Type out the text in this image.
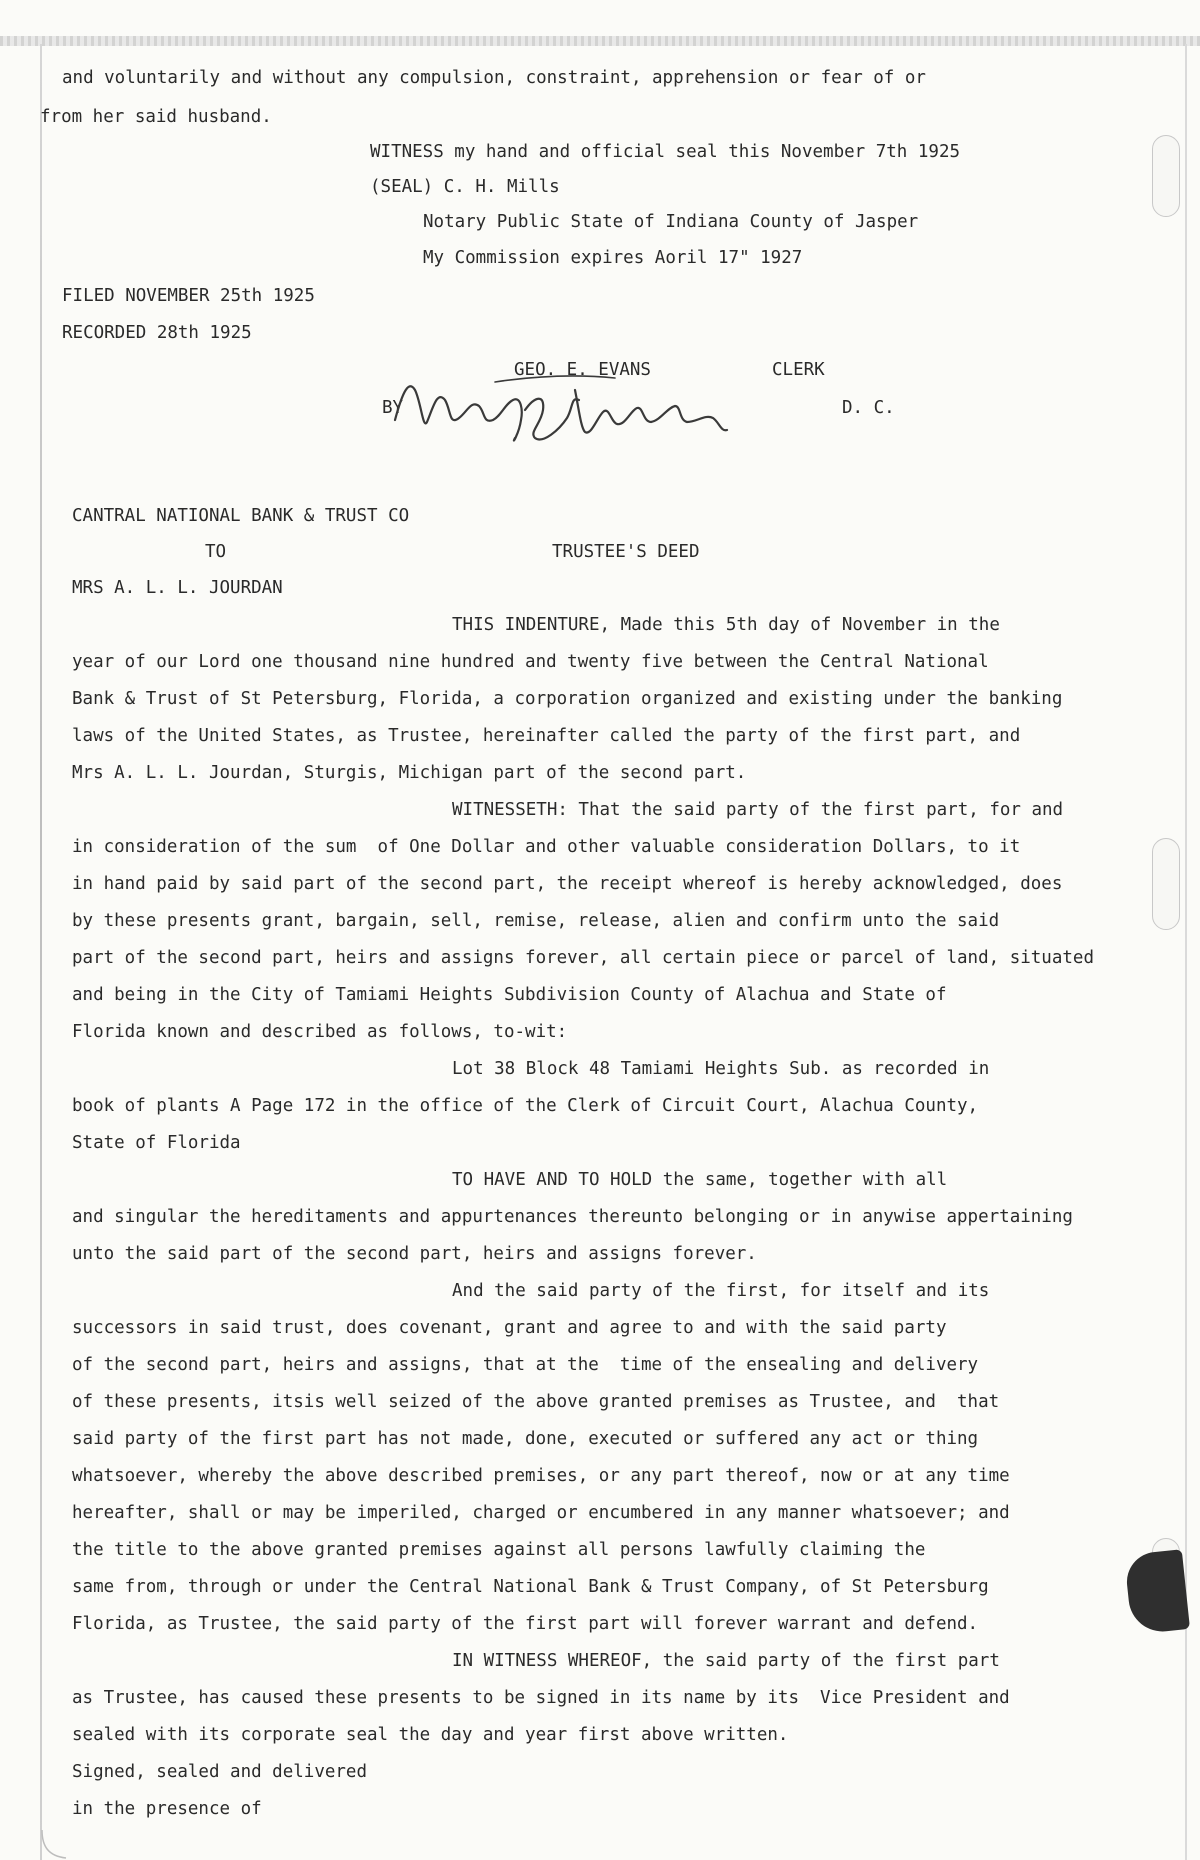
and voluntarily and without any compulsion, constraint, apprehension or fear of or
from her said husband.
WITNESS my hand and official seal this November 7th 1925
(SEAL) C. H. Mills
Notary Public State of Indiana County of Jasper
My Commission expires Aoril 17" 1927
FILED NOVEMBER 25th 1925
RECORDED 28th 1925
GEO. E. EVANS	CLERK
BY	D. C.
CANTRAL NATIONAL BANK & TRUST CO
TO	TRUSTEE'S DEED
MRS A. L. L. JOURDAN
THIS INDENTURE, Made this 5th day of November in the
year of our Lord one thousand nine hundred and twenty five between the Central National
Bank & Trust of St Petersburg, Florida, a corporation organized and existing under the banking
laws of the United States, as Trustee, hereinafter called the party of the first part, and
Mrs A. L. L. Jourdan, Sturgis, Michigan part of the second part.
WITNESSETH: That the said party of the first part, for and
in consideration of the sum  of One Dollar and other valuable consideration Dollars, to it
in hand paid by said part of the second part, the receipt whereof is hereby acknowledged, does
by these presents grant, bargain, sell, remise, release, alien and confirm unto the said
part of the second part, heirs and assigns forever, all certain piece or parcel of land, situated
and being in the City of Tamiami Heights Subdivision County of Alachua and State of
Florida known and described as follows, to-wit:
Lot 38 Block 48 Tamiami Heights Sub. as recorded in
book of plants A Page 172 in the office of the Clerk of Circuit Court, Alachua County,
State of Florida
TO HAVE AND TO HOLD the same, together with all
and singular the hereditaments and appurtenances thereunto belonging or in anywise appertaining
unto the said part of the second part, heirs and assigns forever.
And the said party of the first, for itself and its
successors in said trust, does covenant, grant and agree to and with the said party
of the second part, heirs and assigns, that at the  time of the ensealing and delivery
of these presents, itsis well seized of the above granted premises as Trustee, and  that
said party of the first part has not made, done, executed or suffered any act or thing
whatsoever, whereby the above described premises, or any part thereof, now or at any time
hereafter, shall or may be imperiled, charged or encumbered in any manner whatsoever; and
the title to the above granted premises against all persons lawfully claiming the
same from, through or under the Central National Bank & Trust Company, of St Petersburg
Florida, as Trustee, the said party of the first part will forever warrant and defend.
IN WITNESS WHEREOF, the said party of the first part
as Trustee, has caused these presents to be signed in its name by its  Vice President and
sealed with its corporate seal the day and year first above written.
Signed, sealed and delivered
in the presence of
